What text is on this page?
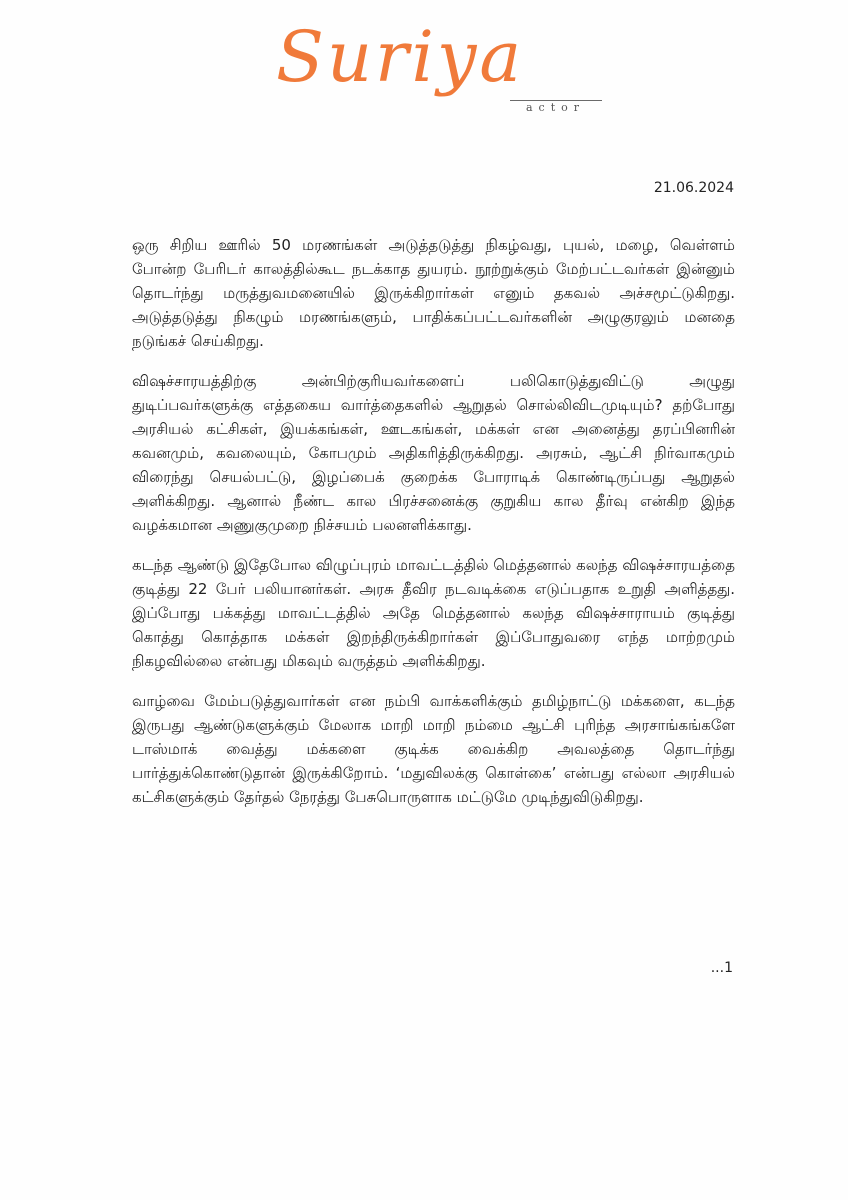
Suriya
actor
21.06.2024

ஒரு சிறிய ஊரில் 50 மரணங்கள் அடுத்தடுத்து நிகழ்வது, புயல், மழை, வெள்ளம் போன்ற பேரிடர் காலத்தில்கூட நடக்காத துயரம். நூற்றுக்கும் மேற்பட்டவர்கள் இன்னும் தொடர்ந்து மருத்துவமனையில் இருக்கிறார்கள் எனும் தகவல் அச்சமூட்டுகிறது. அடுத்தடுத்து நிகழும் மரணங்களும், பாதிக்கப்பட்டவர்களின் அழுகுரலும் மனதை நடுங்கச் செய்கிறது.

விஷச்சாரயத்திற்கு அன்பிற்குரியவர்களைப் பலிகொடுத்துவிட்டு அழுது துடிப்பவர்களுக்கு எத்தகைய வார்த்தைகளில் ஆறுதல் சொல்லிவிடமுடியும்? தற்போது அரசியல் கட்சிகள், இயக்கங்கள், ஊடகங்கள், மக்கள் என அனைத்து தரப்பினரின் கவனமும், கவலையும், கோபமும் அதிகரித்திருக்கிறது. அரசும், ஆட்சி நிர்வாகமும் விரைந்து செயல்பட்டு, இழப்பைக் குறைக்க போராடிக் கொண்டிருப்பது ஆறுதல் அளிக்கிறது. ஆனால் நீண்ட கால பிரச்சனைக்கு குறுகிய கால தீர்வு என்கிற இந்த வழக்கமான அணுகுமுறை நிச்சயம் பலனளிக்காது.

கடந்த ஆண்டு இதேபோல விழுப்புரம் மாவட்டத்தில் மெத்தனால் கலந்த விஷச்சாரயத்தை குடித்து 22 பேர் பலியானர்கள். அரசு தீவிர நடவடிக்கை எடுப்பதாக உறுதி அளித்தது. இப்போது பக்கத்து மாவட்டத்தில் அதே மெத்தனால் கலந்த விஷச்சாராயம் குடித்து கொத்து கொத்தாக மக்கள் இறந்திருக்கிறார்கள் இப்போதுவரை எந்த மாற்றமும் நிகழவில்லை என்பது மிகவும் வருத்தம் அளிக்கிறது.

வாழ்வை மேம்படுத்துவார்கள் என நம்பி வாக்களிக்கும் தமிழ்நாட்டு மக்களை, கடந்த இருபது ஆண்டுகளுக்கும் மேலாக மாறி மாறி நம்மை ஆட்சி புரிந்த அரசாங்கங்களே டாஸ்மாக் வைத்து மக்களை குடிக்க வைக்கிற அவலத்தை தொடர்ந்து பார்த்துக்கொண்டுதான் இருக்கிறோம். ‘மதுவிலக்கு கொள்கை’ என்பது எல்லா அரசியல் கட்சிகளுக்கும் தேர்தல் நேரத்து பேசுபொருளாக மட்டுமே முடிந்துவிடுகிறது.

...1
